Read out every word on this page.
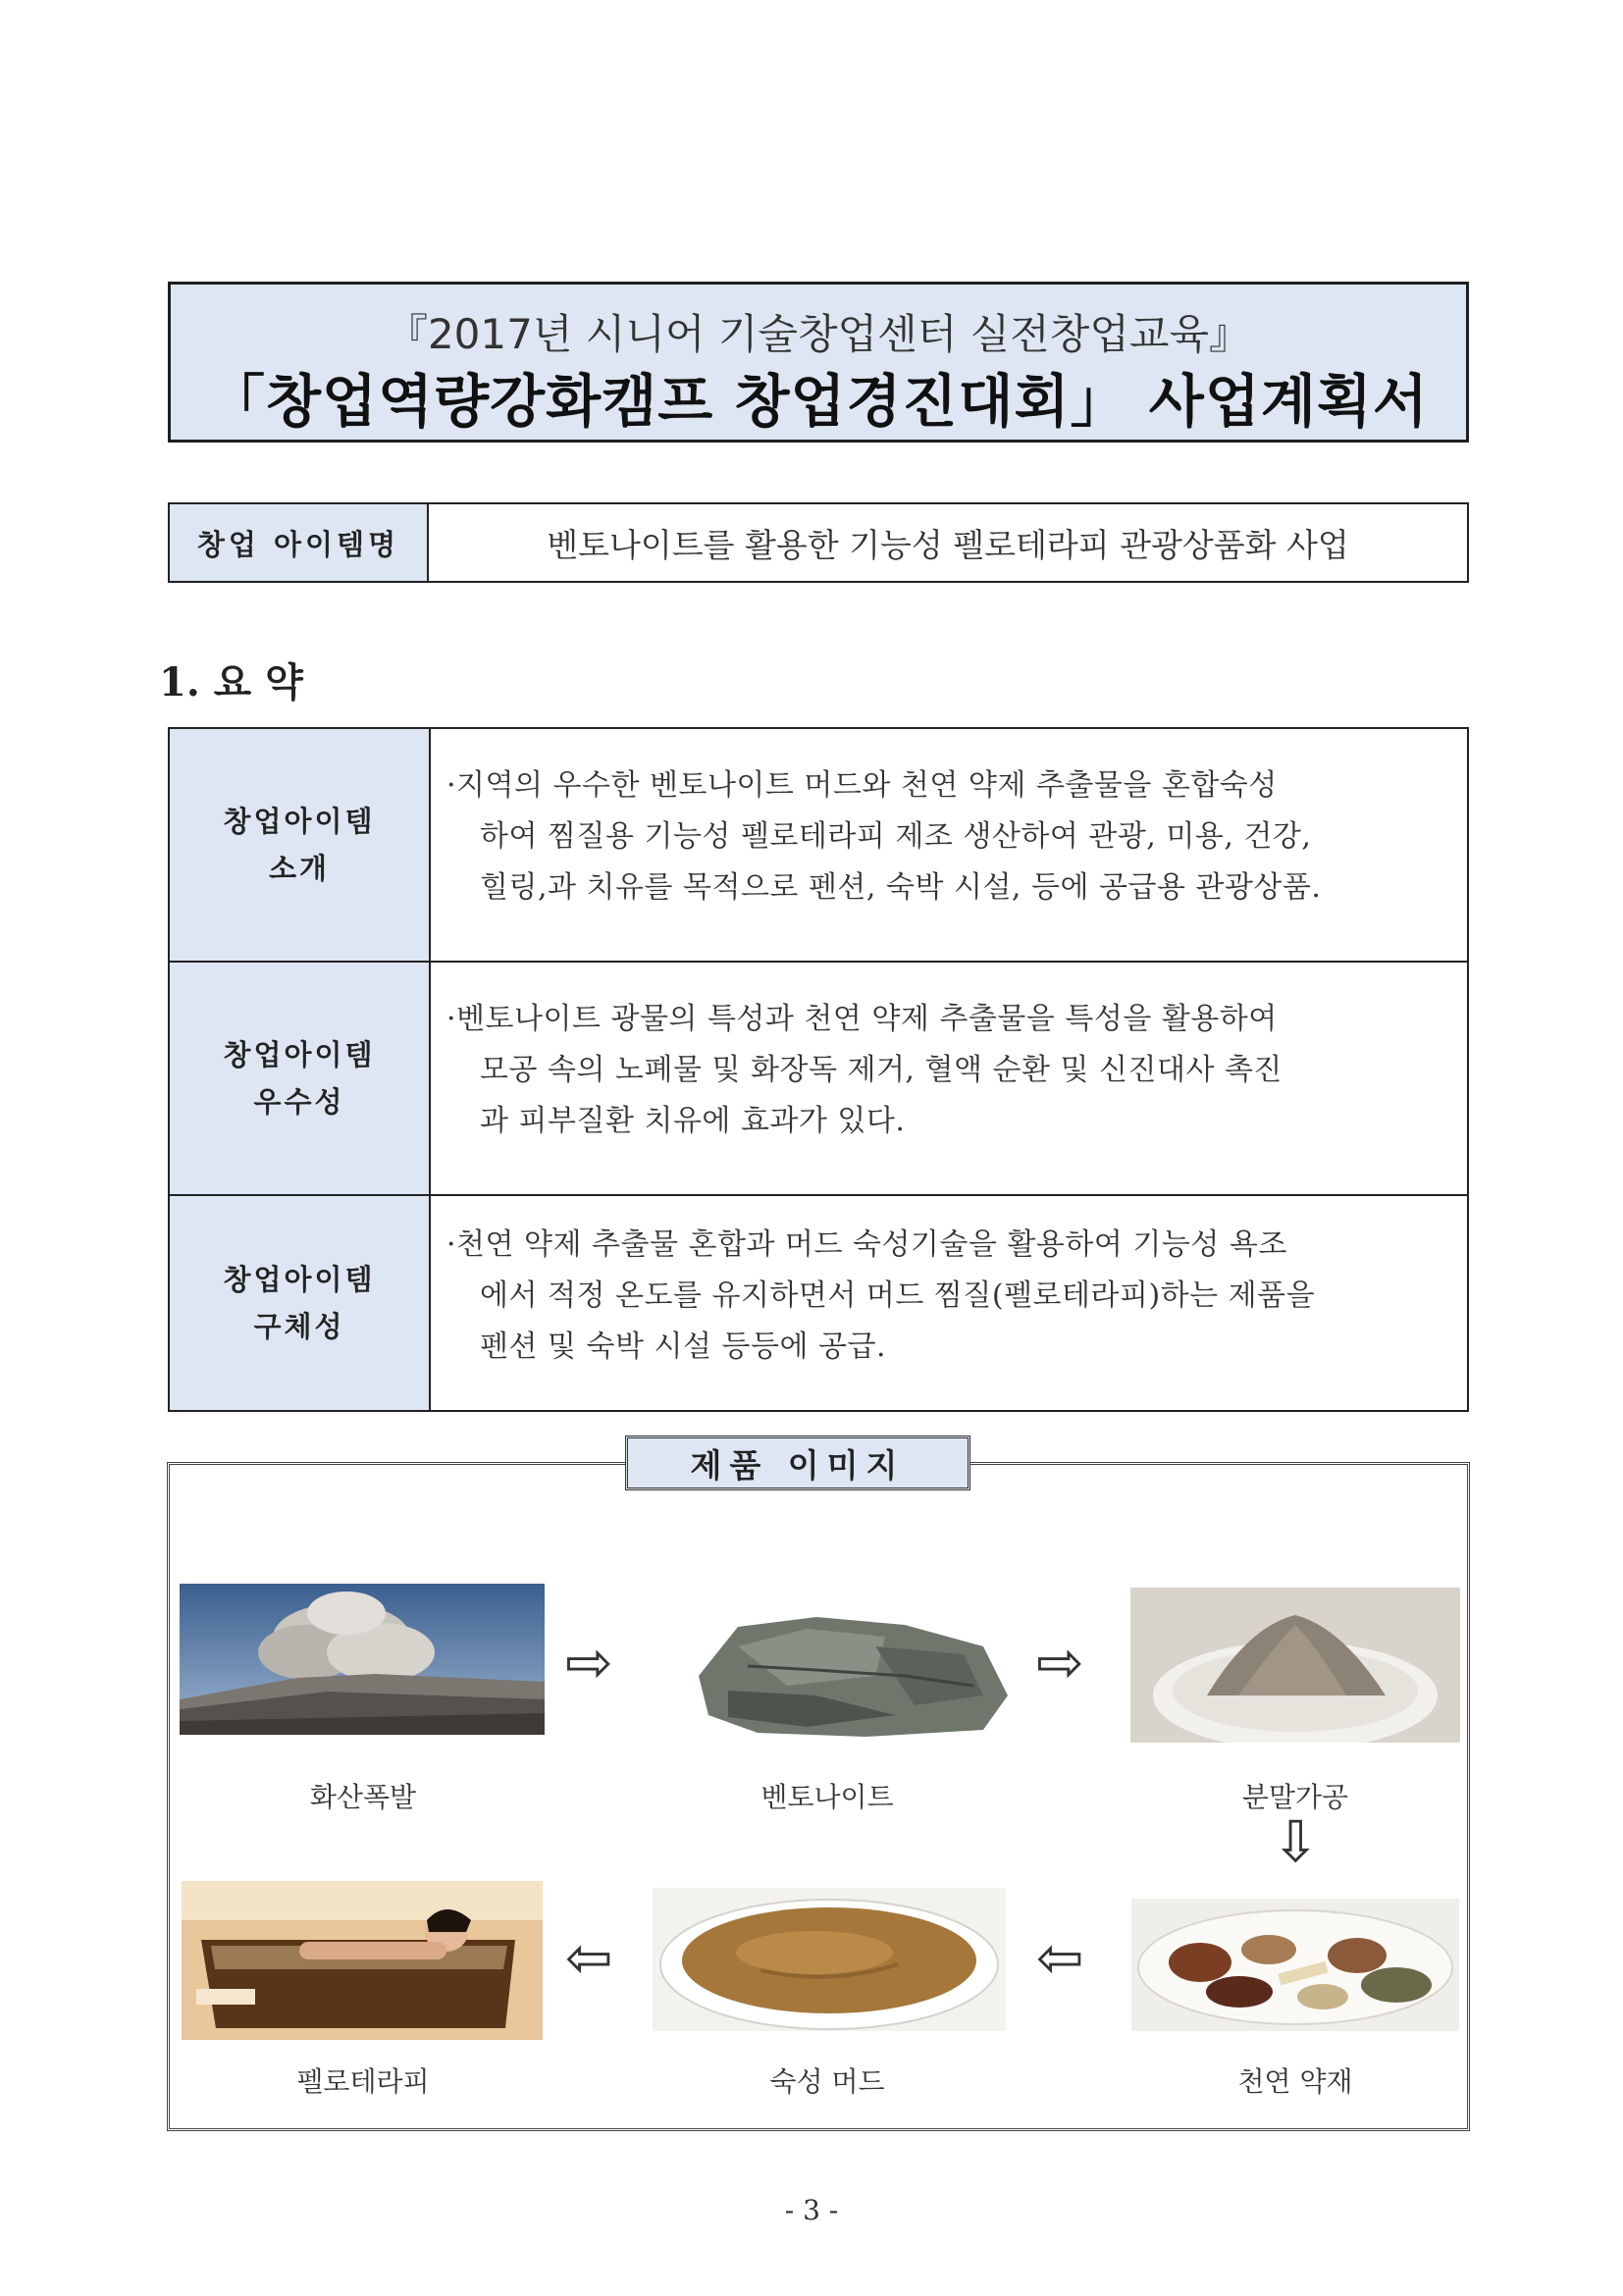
『2017년 시니어 기술창업센터 실전창업교육』
「창업역량강화캠프 창업경진대회」 사업계획서
창업 아이템명	벤토나이트를 활용한 기능성 펠로테라피 관광상품화 사업
1. 요 약
창업아이템
소개
·지역의 우수한 벤토나이트 머드와 천연 약제 추출물을 혼합숙성
하여 찜질용 기능성 펠로테라피 제조 생산하여 관광, 미용, 건강,
힐링,과 치유를 목적으로 펜션, 숙박 시설, 등에 공급용 관광상품.
창업아이템
우수성
·벤토나이트 광물의 특성과 천연 약제 추출물을 특성을 활용하여
모공 속의 노폐물 및 화장독 제거, 혈액 순환 및 신진대사 촉진
과 피부질환 치유에 효과가 있다.
창업아이템
구체성
·천연 약제 추출물 혼합과 머드 숙성기술을 활용하여 기능성 욕조
에서 적정 온도를 유지하면서 머드 찜질(펠로테라피)하는 제품을
펜션 및 숙박 시설 등등에 공급.
제품 이미지
⇨	⇨
⇩
⇦
⇦
화산폭발	벤토나이트	분말가공
펠로테라피	숙성 머드	천연 약재
- 3 -
